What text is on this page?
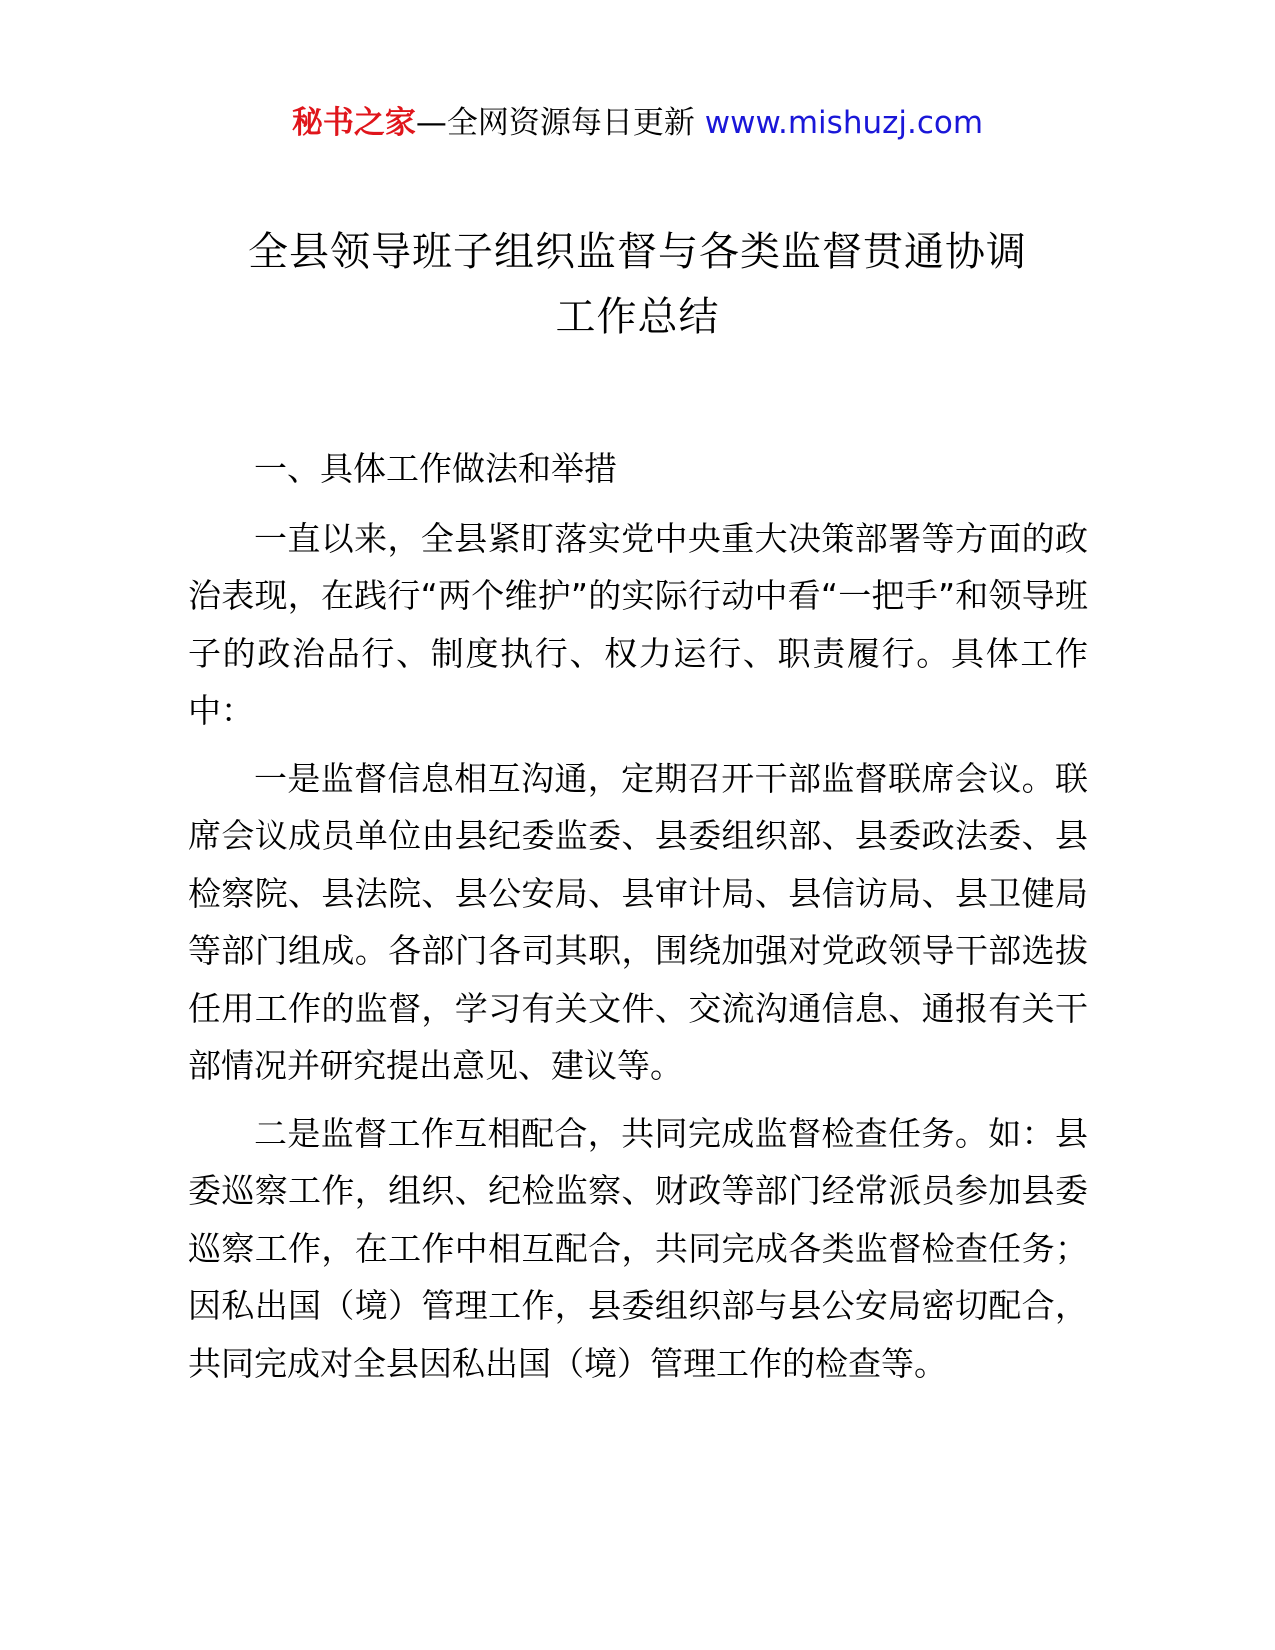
秘书之家—全网资源每日更新 www.mishuzj.com
全县领导班子组织监督与各类监督贯通协调
工作总结

一、具体工作做法和举措

一直以来，全县紧盯落实党中央重大决策部署等方面的政治表现，在践行“两个维护”的实际行动中看“一把手”和领导班子的政治品行、制度执行、权力运行、职责履行。具体工作中：

一是监督信息相互沟通，定期召开干部监督联席会议。联席会议成员单位由县纪委监委、县委组织部、县委政法委、县检察院、县法院、县公安局、县审计局、县信访局、县卫健局等部门组成。各部门各司其职，围绕加强对党政领导干部选拔任用工作的监督，学习有关文件、交流沟通信息、通报有关干部情况并研究提出意见、建议等。

二是监督工作互相配合，共同完成监督检查任务。如：县委巡察工作，组织、纪检监察、财政等部门经常派员参加县委巡察工作，在工作中相互配合，共同完成各类监督检查任务；因私出国（境）管理工作，县委组织部与县公安局密切配合，共同完成对全县因私出国（境）管理工作的检查等。
